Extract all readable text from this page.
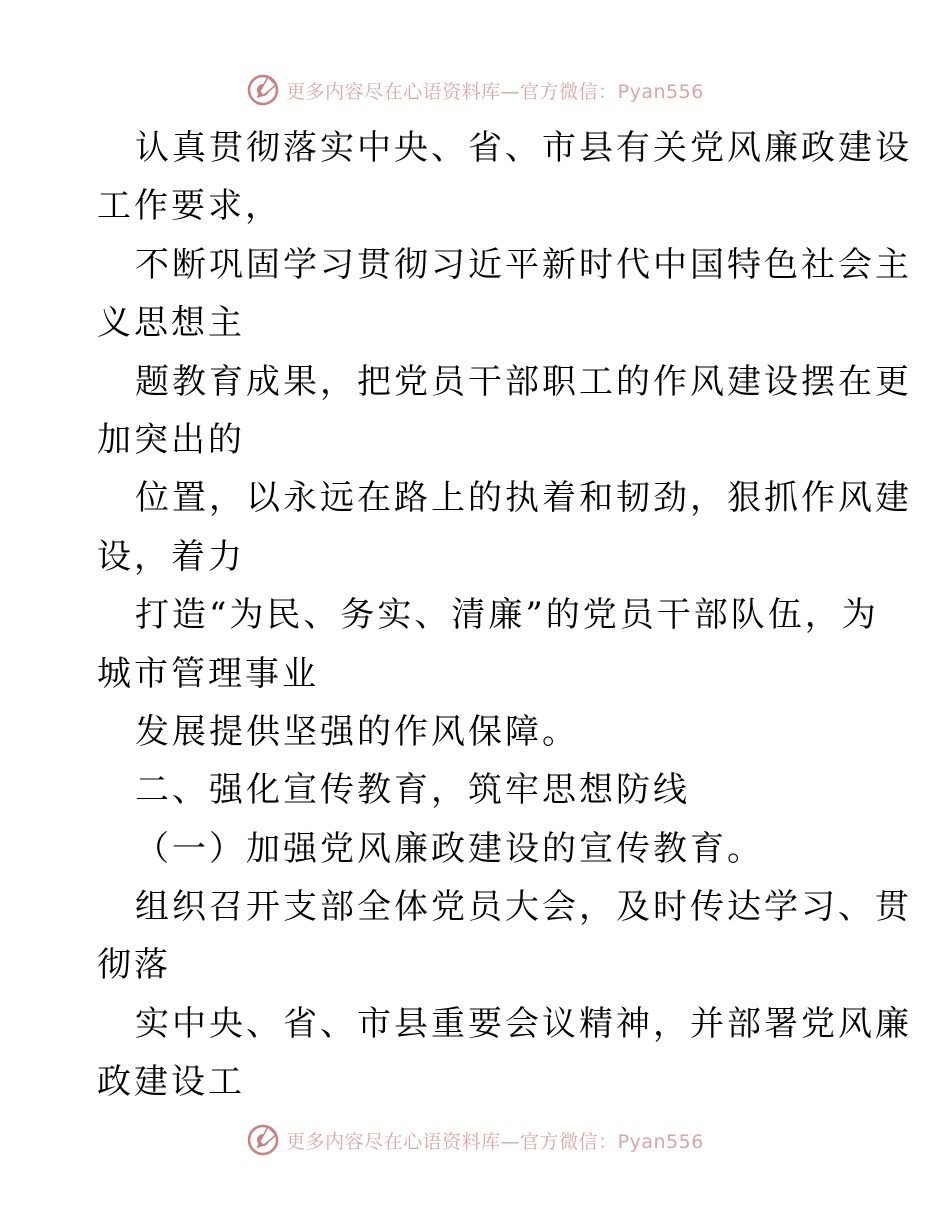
更多内容尽在心语资料库—官方微信：Pyan556
认真贯彻落实中央、省、市县有关党风廉政建设
工作要求，
不断巩固学习贯彻习近平新时代中国特色社会主
义思想主
题教育成果，把党员干部职工的作风建设摆在更
加突出的
位置，以永远在路上的执着和韧劲，狠抓作风建
设，着力
打造“为民、务实、清廉”的党员干部队伍，为
城市管理事业
发展提供坚强的作风保障。
二、强化宣传教育，筑牢思想防线
（一）加强党风廉政建设的宣传教育。
组织召开支部全体党员大会，及时传达学习、贯
彻落
实中央、省、市县重要会议精神，并部署党风廉
政建设工
更多内容尽在心语资料库—官方微信：Pyan556
